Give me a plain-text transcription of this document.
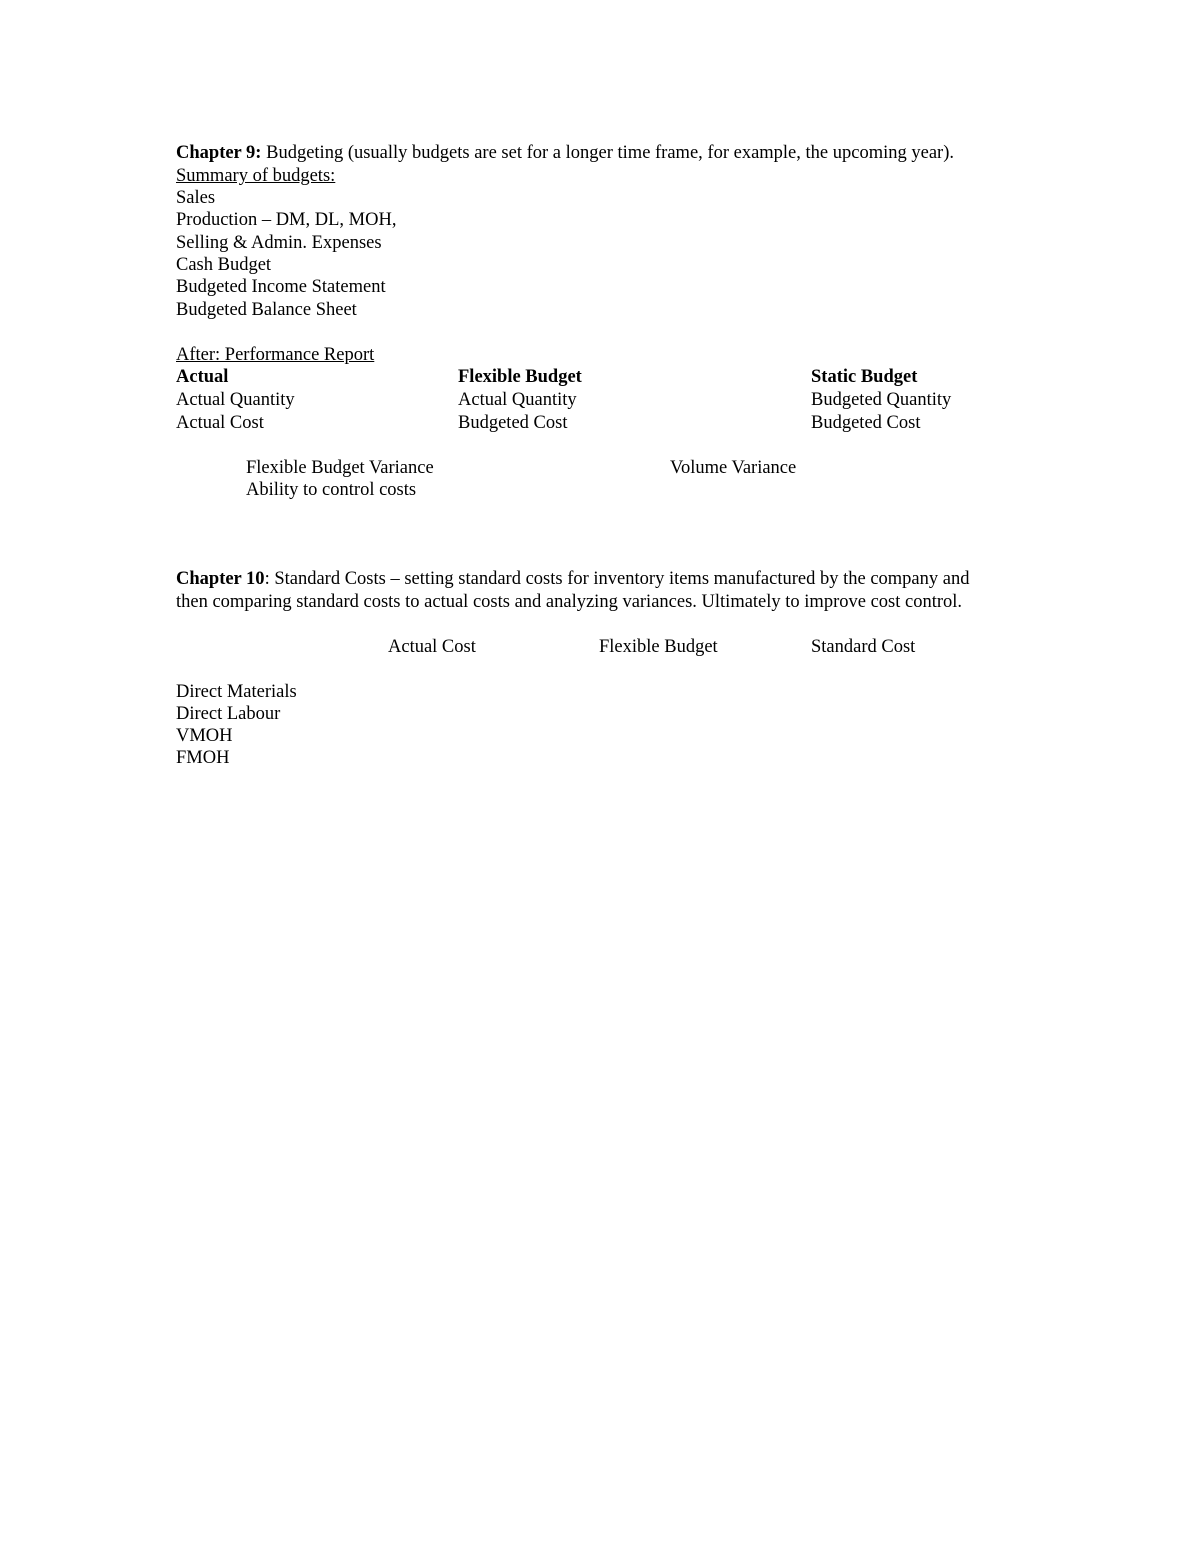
Chapter 9: Budgeting (usually budgets are set for a longer time frame, for example, the upcoming year).
Summary of budgets:
Sales
Production – DM, DL, MOH,
Selling & Admin. Expenses
Cash Budget
Budgeted Income Statement
Budgeted Balance Sheet
After: Performance Report
Actual	Flexible Budget	Static Budget
Actual Quantity	Actual Quantity	Budgeted Quantity
Actual Cost	Budgeted Cost	Budgeted Cost
Flexible Budget Variance	Volume Variance
Ability to control costs
Chapter 10: Standard Costs – setting standard costs for inventory items manufactured by the company and
then comparing standard costs to actual costs and analyzing variances. Ultimately to improve cost control.
Actual Cost	Flexible Budget	Standard Cost
Direct Materials
Direct Labour
VMOH
FMOH
